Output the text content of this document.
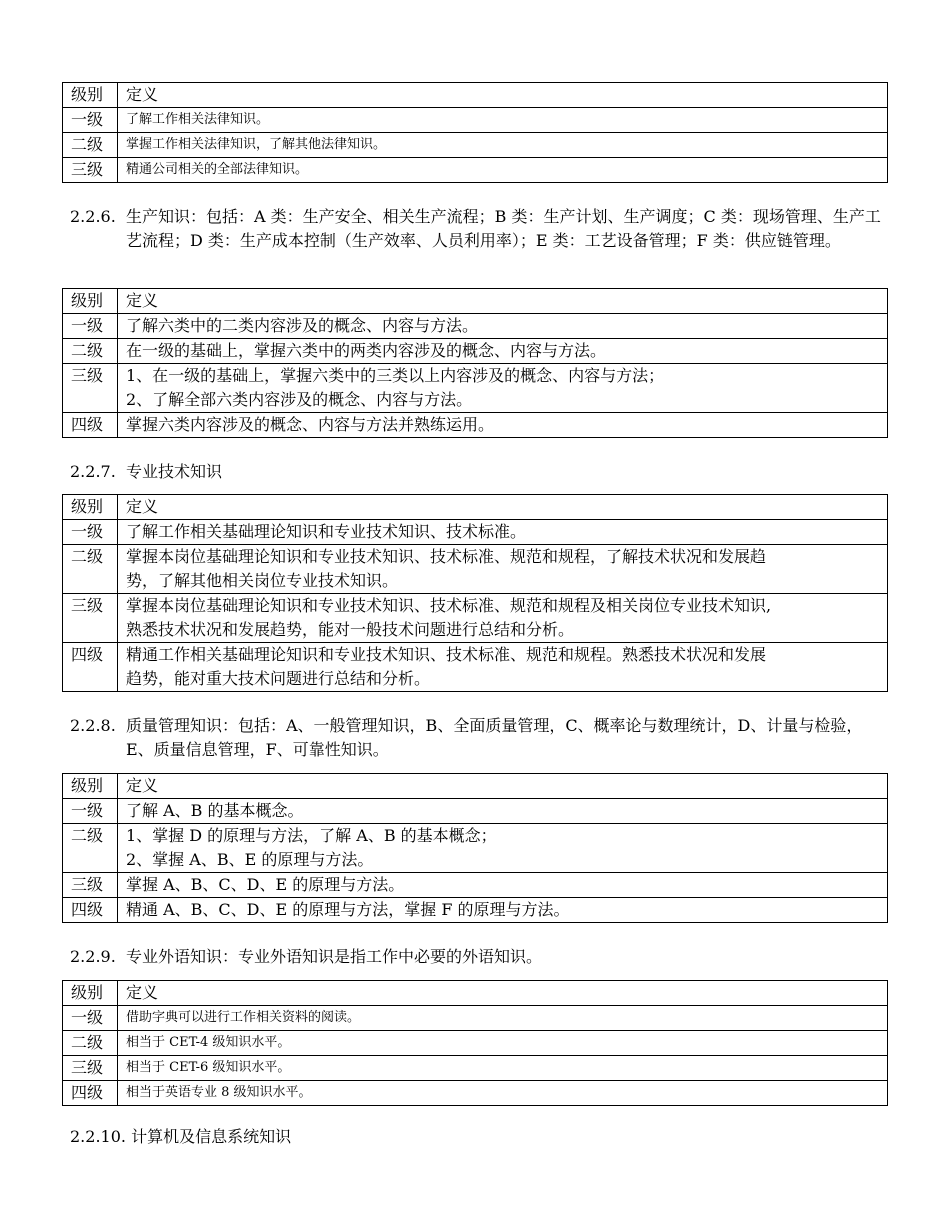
级别	定义
一级	了解工作相关法律知识。

二级	掌握工作相关法律知识，了解其他法律知识。

三级	精通公司相关的全部法律知识。
2.2.6. 生产知识：包括：A 类：生产安全、相关生产流程；B 类：生产计划、生产调度；C 类：现场管理、生产工艺流程；D 类：生产成本控制（生产效率、人员利用率）；E 类：工艺设备管理；F 类：供应链管理。
级别	定义
一级	了解六类中的二类内容涉及的概念、内容与方法。

二级	在一级的基础上，掌握六类中的两类内容涉及的概念、内容与方法。

三级	1、在一级的基础上，掌握六类中的三类以上内容涉及的概念、内容与方法；
2、了解全部六类内容涉及的概念、内容与方法。

四级	掌握六类内容涉及的概念、内容与方法并熟练运用。
2.2.7. 专业技术知识
级别	定义
一级	了解工作相关基础理论知识和专业技术知识、技术标准。

二级	掌握本岗位基础理论知识和专业技术知识、技术标准、规范和规程，了解技术状况和发展趋
势，了解其他相关岗位专业技术知识。

三级	掌握本岗位基础理论知识和专业技术知识、技术标准、规范和规程及相关岗位专业技术知识,
熟悉技术状况和发展趋势，能对一般技术问题进行总结和分析。

四级	精通工作相关基础理论知识和专业技术知识、技术标准、规范和规程。熟悉技术状况和发展
趋势，能对重大技术问题进行总结和分析。
2.2.8. 质量管理知识：包括：A、一般管理知识，B、全面质量管理，C、概率论与数理统计，D、计量与检验，E、质量信息管理，F、可靠性知识。
级别	定义
一级	了解 A、B 的基本概念。

二级	1、掌握 D 的原理与方法，了解 A、B 的基本概念；
2、掌握 A、B、E 的原理与方法。

三级	掌握 A、B、C、D、E 的原理与方法。

四级	精通 A、B、C、D、E 的原理与方法，掌握 F 的原理与方法。
2.2.9. 专业外语知识：专业外语知识是指工作中必要的外语知识。
级别	定义
一级	借助字典可以进行工作相关资料的阅读。

二级	相当于 CET-4 级知识水平。

三级	相当于 CET-6 级知识水平。

四级	相当于英语专业 8 级知识水平。
2.2.10. 计算机及信息系统知识
